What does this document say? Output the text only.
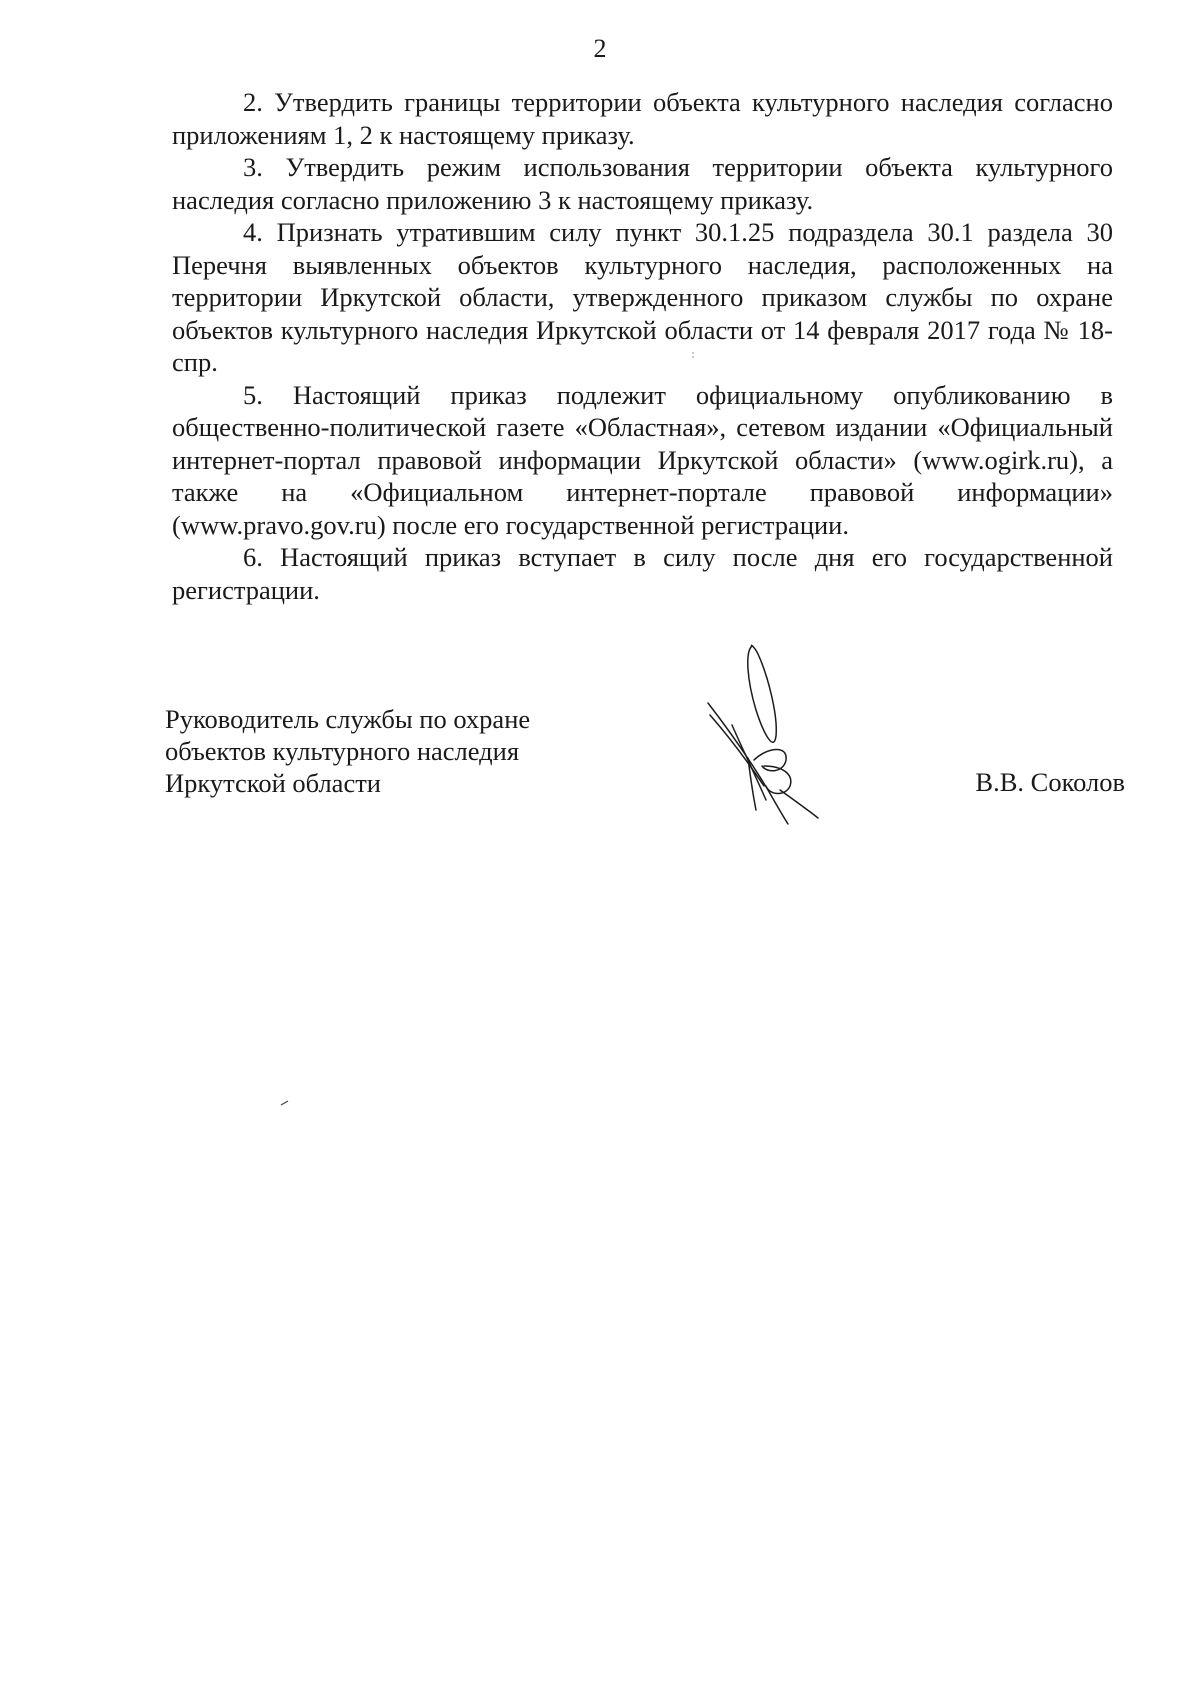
2

2. Утвердить границы территории объекта культурного наследия согласно приложениям 1, 2 к настоящему приказу.

3. Утвердить режим использования территории объекта культурного наследия согласно приложению 3 к настоящему приказу.

4. Признать утратившим силу пункт 30.1.25 подраздела 30.1 раздела 30 Перечня выявленных объектов культурного наследия, расположенных на территории Иркутской области, утвержденного приказом службы по охране объектов культурного наследия Иркутской области от 14 февраля 2017 года № 18-спр.

5. Настоящий приказ подлежит официальному опубликованию в общественно-политической газете «Областная», сетевом издании «Официальный интернет-портал правовой информации Иркутской области» (www.ogirk.ru), а также на «Официальном интернет-портале правовой информации» (www.pravo.gov.ru) после его государственной регистрации.

6. Настоящий приказ вступает в силу после дня его государственной регистрации.

Руководитель службы по охране
объектов культурного наследия
Иркутской области	В.В. Соколов
